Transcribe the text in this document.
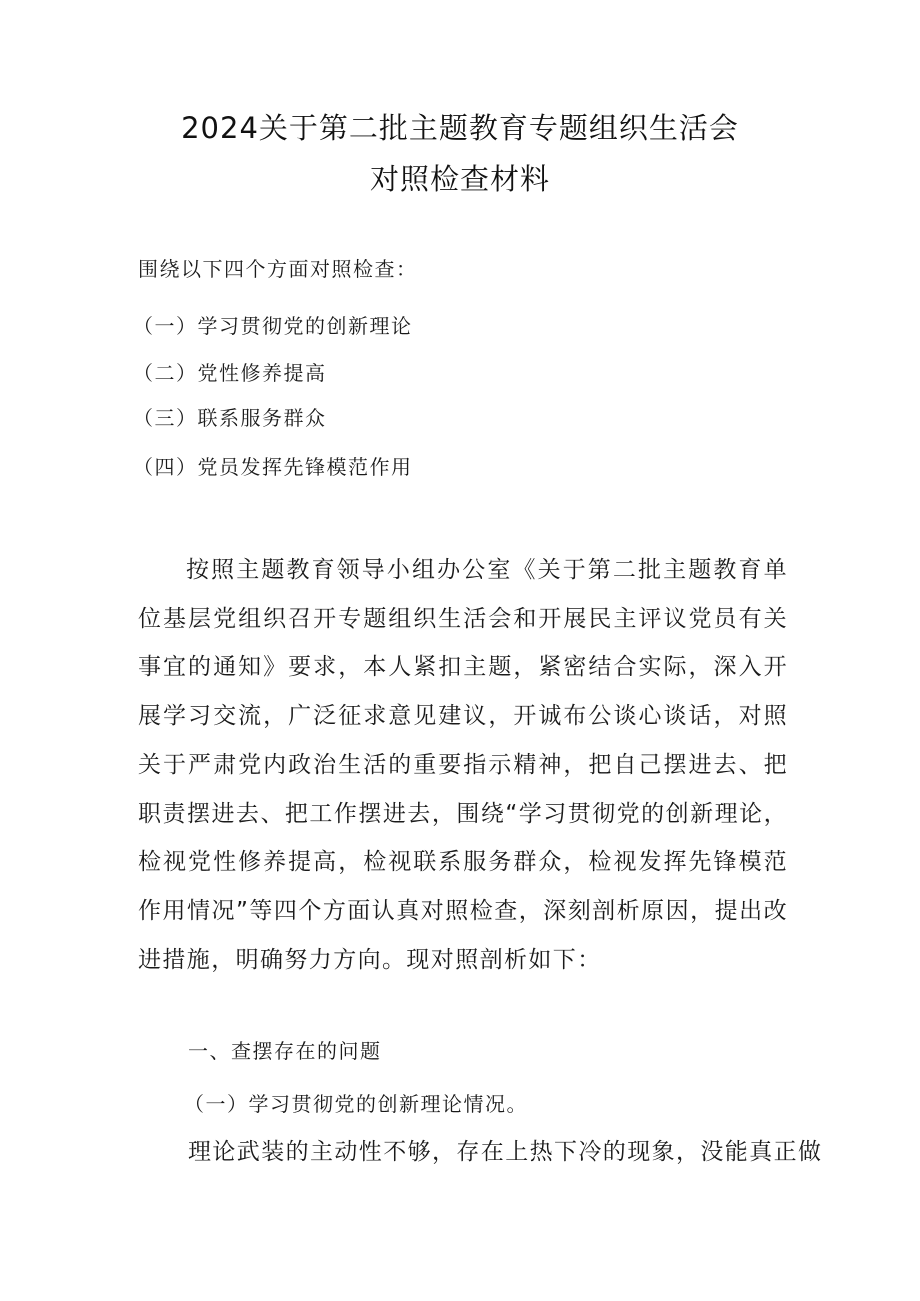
2024关于第二批主题教育专题组织生活会
对照检查材料
围绕以下四个方面对照检查：
（一）学习贯彻党的创新理论
（二）党性修养提高
（三）联系服务群众
（四）党员发挥先锋模范作用
按照主题教育领导小组办公室《关于第二批主题教育单位基层党组织召开专题组织生活会和开展民主评议党员有关事宜的通知》要求，本人紧扣主题，紧密结合实际，深入开展学习交流，广泛征求意见建议，开诚布公谈心谈话，对照关于严肃党内政治生活的重要指示精神，把自己摆进去、把职责摆进去、把工作摆进去，围绕“学习贯彻党的创新理论，检视党性修养提高，检视联系服务群众，检视发挥先锋模范作用情况”等四个方面认真对照检查，深刻剖析原因，提出改进措施，明确努力方向。现对照剖析如下：
一、查摆存在的问题
（一）学习贯彻党的创新理论情况。
理论武装的主动性不够，存在上热下冷的现象，没能真正做
